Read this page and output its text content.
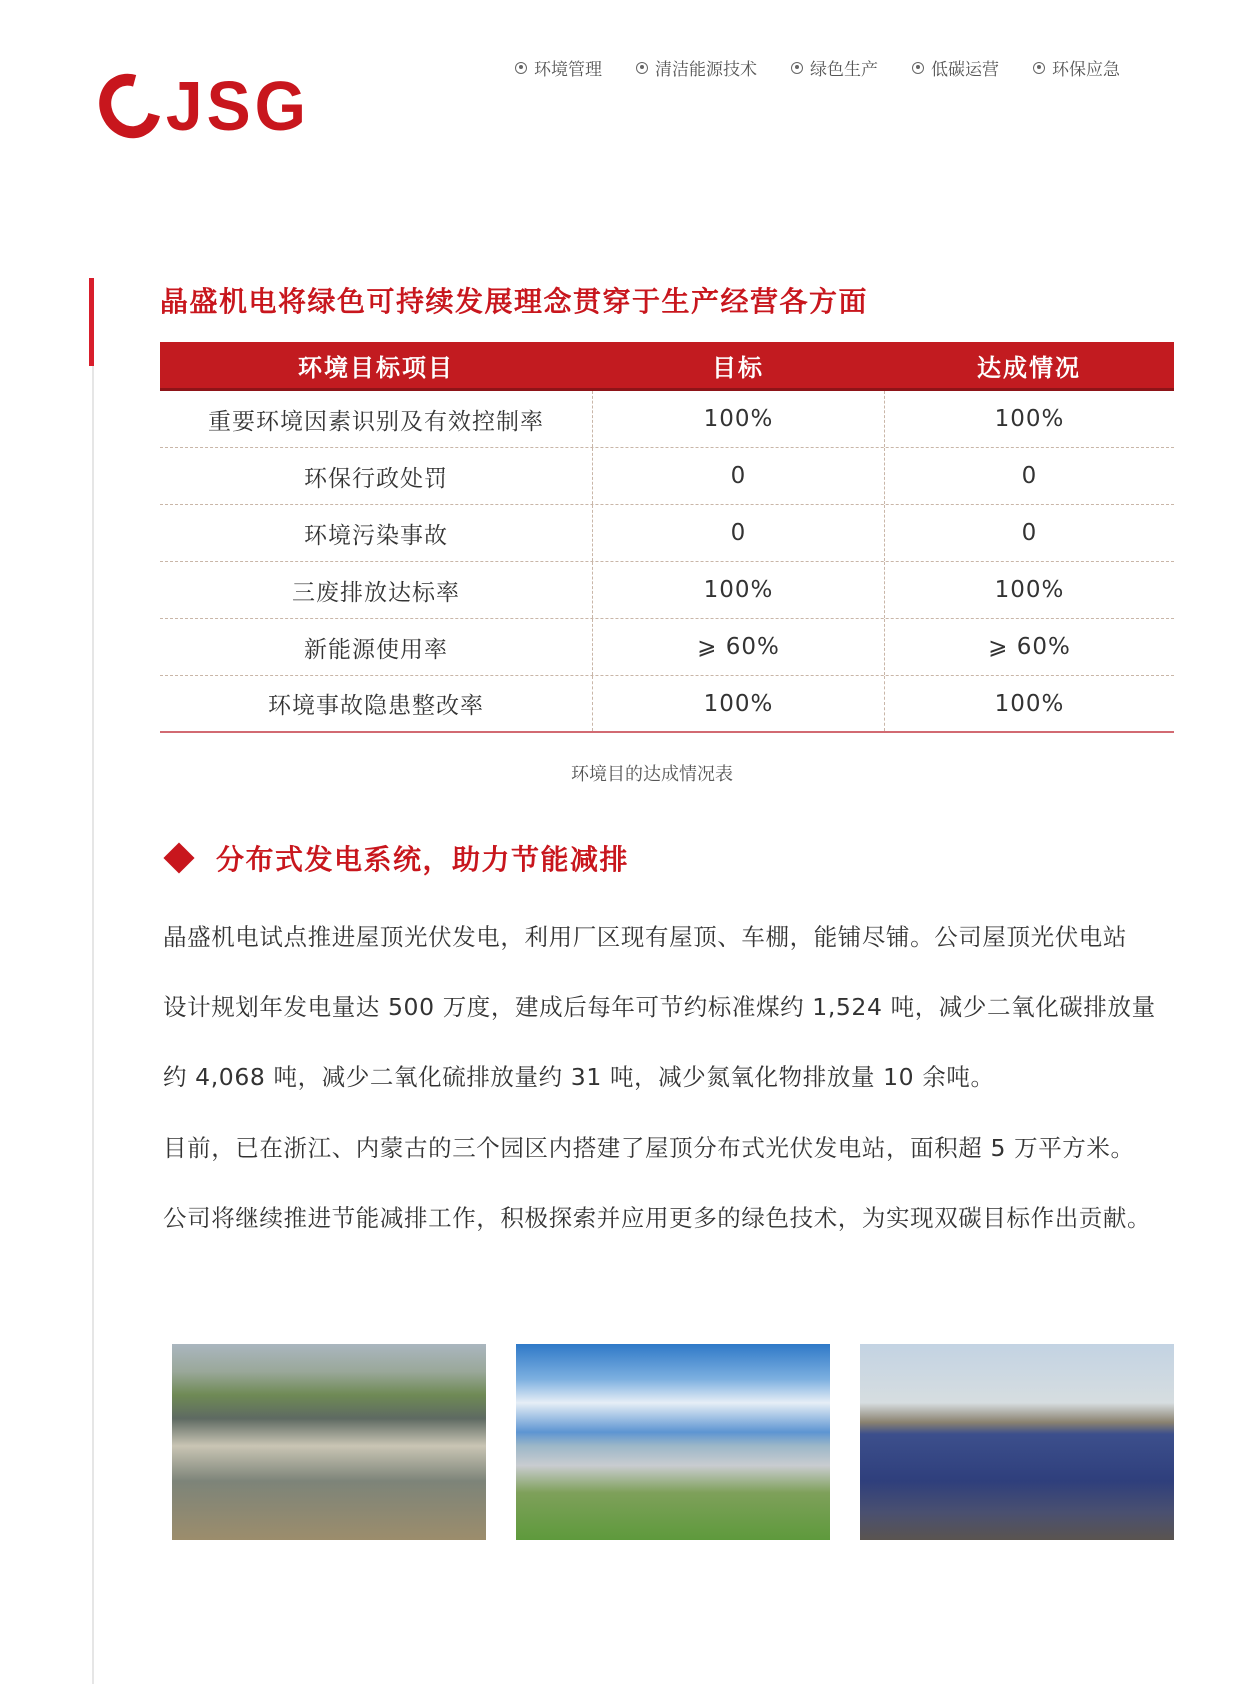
JSG	环境管理	清洁能源技术	绿色生产	低碳运营	环保应急
晶盛机电将绿色可持续发展理念贯穿于生产经营各方面
环境目标项目	目标	达成情况
重要环境因素识别及有效控制率	100%	100%
环保行政处罚	0	0
环境污染事故	0	0
三废排放达标率	100%	100%
新能源使用率	⩾ 60%	⩾ 60%
环境事故隐患整改率	100%	100%
环境目的达成情况表
分布式发电系统，助力节能减排
晶盛机电试点推进屋顶光伏发电，利用厂区现有屋顶、车棚，能铺尽铺。公司屋顶光伏电站
设计规划年发电量达 500 万度，建成后每年可节约标准煤约 1,524 吨，减少二氧化碳排放量
约 4,068 吨，减少二氧化硫排放量约 31 吨，减少氮氧化物排放量 10 余吨。
目前，已在浙江、内蒙古的三个园区内搭建了屋顶分布式光伏发电站，面积超 5 万平方米。
公司将继续推进节能减排工作，积极探索并应用更多的绿色技术，为实现双碳目标作出贡献。
